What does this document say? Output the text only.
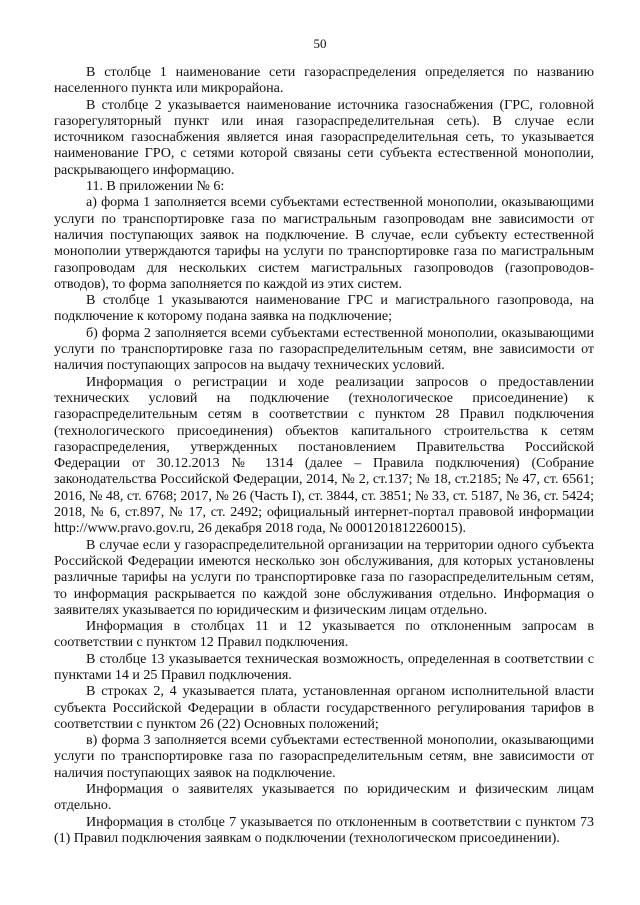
50

В столбце 1 наименование сети газораспределения определяется по названию населенного пункта или микрорайона.

В столбце 2 указывается наименование источника газоснабжения (ГРС, головной газорегуляторный пункт или иная газораспределительная сеть). В случае если источником газоснабжения является иная газораспределительная сеть, то указывается наименование ГРО, с сетями которой связаны сети субъекта естественной монополии, раскрывающего информацию.

11. В приложении № 6:

а) форма 1 заполняется всеми субъектами естественной монополии, оказывающими услуги по транспортировке газа по магистральным газопроводам вне зависимости от наличия поступающих заявок на подключение. В случае, если субъекту естественной монополии утверждаются тарифы на услуги по транспортировке газа по магистральным газопроводам для нескольких систем магистральных газопроводов (газопроводов-отводов), то форма заполняется по каждой из этих систем.

В столбце 1 указываются наименование ГРС и магистрального газопровода, на подключение к которому подана заявка на подключение;

б) форма 2 заполняется всеми субъектами естественной монополии, оказывающими услуги по транспортировке газа по газораспределительным сетям, вне зависимости от наличия поступающих запросов на выдачу технических условий.

Информация о регистрации и ходе реализации запросов о предоставлении технических условий на подключение (технологическое присоединение) к газораспределительным сетям в соответствии с пунктом 28 Правил подключения (технологического присоединения) объектов капитального строительства к сетям газораспределения, утвержденных постановлением Правительства Российской Федерации от 30.12.2013 № 1314 (далее – Правила подключения) (Собрание законодательства Российской Федерации, 2014, № 2, ст.137; № 18, ст.2185; № 47, ст. 6561; 2016, № 48, ст. 6768; 2017, № 26 (Часть I), ст. 3844, ст. 3851; № 33, ст. 5187, № 36, ст. 5424; 2018, № 6, ст.897, № 17, ст. 2492; официальный интернет-портал правовой информации http://www.pravo.gov.ru, 26 декабря 2018 года, № 0001201812260015).

В случае если у газораспределительной организации на территории одного субъекта Российской Федерации имеются несколько зон обслуживания, для которых установлены различные тарифы на услуги по транспортировке газа по газораспределительным сетям, то информация раскрывается по каждой зоне обслуживания отдельно. Информация о заявителях указывается по юридическим и физическим лицам отдельно.

Информация в столбцах 11 и 12 указывается по отклоненным запросам в соответствии с пунктом 12 Правил подключения.

В столбце 13 указывается техническая возможность, определенная в соответствии с пунктами 14 и 25 Правил подключения.

В строках 2, 4 указывается плата, установленная органом исполнительной власти субъекта Российской Федерации в области государственного регулирования тарифов в соответствии с пунктом 26 (22) Основных положений;

в) форма 3 заполняется всеми субъектами естественной монополии, оказывающими услуги по транспортировке газа по газораспределительным сетям, вне зависимости от наличия поступающих заявок на подключение.

Информация о заявителях указывается по юридическим и физическим лицам отдельно.

Информация в столбце 7 указывается по отклоненным в соответствии с пунктом 73 (1) Правил подключения заявкам о подключении (технологическом присоединении).
